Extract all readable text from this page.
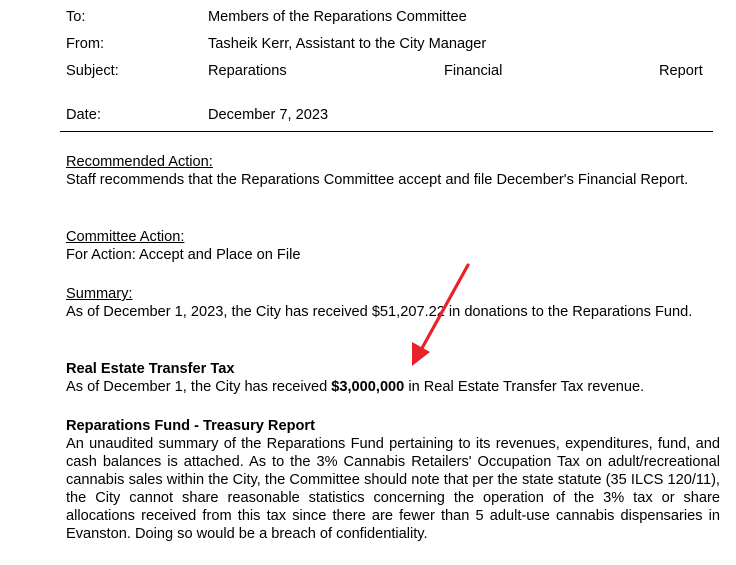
To:	Members of the Reparations Committee
From:	Tasheik Kerr, Assistant to the City Manager
Subject:	Reparations	Financial	Report
Date:	December 7, 2023
Recommended Action:

Staff recommends that the Reparations Committee accept and file December's Financial Report.

Committee Action:

For Action: Accept and Place on File

Summary:

As of December 1, 2023, the City has received $51,207.22 in donations to the Reparations Fund.

Real Estate Transfer Tax

As of December 1, the City has received $3,000,000 in Real Estate Transfer Tax revenue.

Reparations Fund - Treasury Report

An unaudited summary of the Reparations Fund pertaining to its revenues, expenditures, fund, and cash balances is attached. As to the 3% Cannabis Retailers' Occupation Tax on adult/recreational cannabis sales within the City, the Committee should note that per the state statute (35 ILCS 120/11), the City cannot share reasonable statistics concerning the operation of the 3% tax or share allocations received from this tax since there are fewer than 5 adult-use cannabis dispensaries in Evanston. Doing so would be a breach of confidentiality.
